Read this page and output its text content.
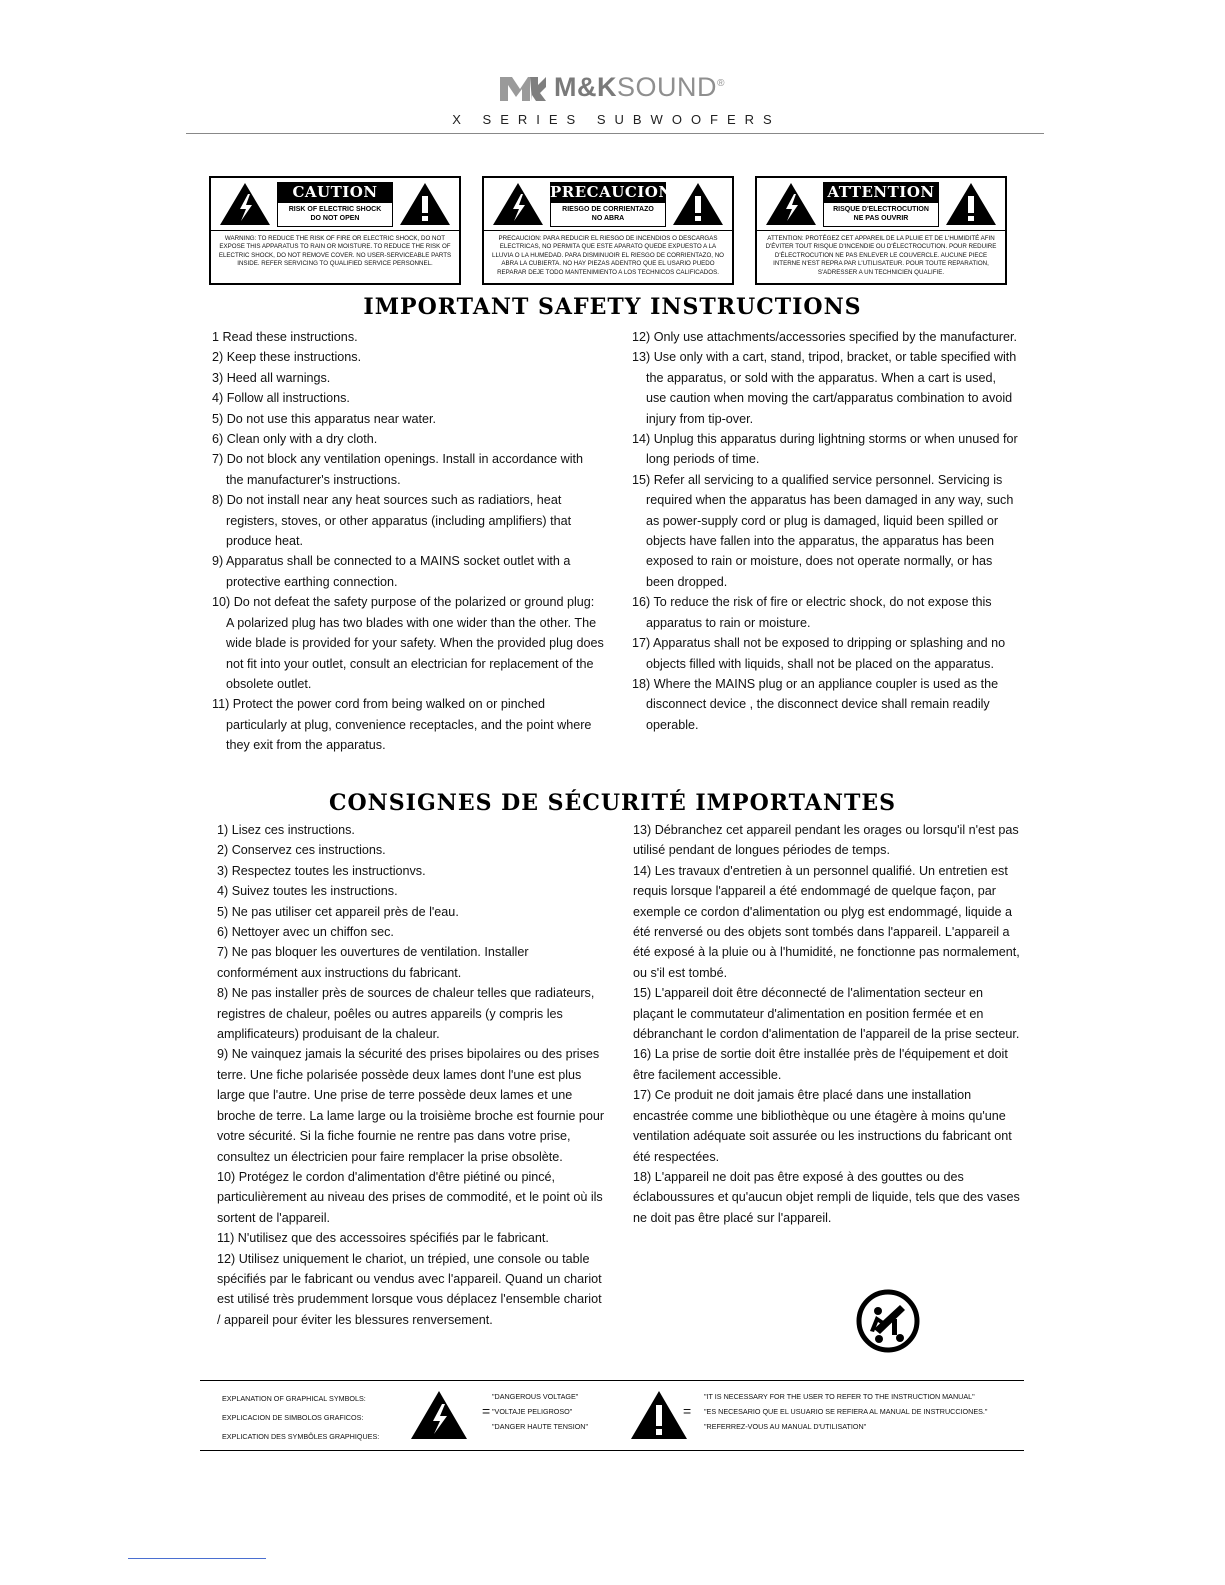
M&KSOUND®
X SERIES SUBWOOFERS
CAUTION
RISK OF ELECTRIC SHOCK
DO NOT OPEN
WARNING: TO REDUCE THE RISK OF FIRE OR ELECTRIC SHOCK, DO NOT EXPOSE THIS APPARATUS TO RAIN OR MOISTURE. TO REDUCE THE RISK OF ELECTRIC SHOCK, DO NOT REMOVE COVER. NO USER-SERVICEABLE PARTS INSIDE. REFER SERVICING TO QUALIFIED SERVICE PERSONNEL.
PRECAUCION
RIESGO DE CORRIENTAZO
NO ABRA
PRECAUCION: PARA REDUCIR EL RIESGO DE INCENDIOS O DESCARGAS ELECTRICAS, NO PERMITA QUE ESTE APARATO QUEDE EXPUESTO A LA LLUVIA O LA HUMEDAD. PARA DISMINUOIR EL RIESGO DE CORRIENTAZO, NO ABRA LA CUBIERTA. NO HAY PIEZAS ADENTRO QUE EL USARIO PUEDO REPARAR DEJE TODO MANTENIMIENTO A LOS TECHNICOS CALIFICADOS.
ATTENTION
RISQUE D'ELECTROCUTION
NE PAS OUVRIR
ATTENTION: PROTÉGEZ CET APPAREIL DE LA PLUIE ET DE L'HUMIDITÉ AFIN D'ÉVITER TOUT RISQUE D'INCENDIE OU D'ÉLECTROCUTION. POUR REDUIRE D'ÉLECTROCUTION NE PAS ENLEVER LE COUVERCLE. AUCUNE PIECE INTERNE N'EST REPRA PAR L'UTILISATEUR. POUR TOUTE REPARATION, S'ADRESSER A UN TECHNICIEN QUALIFIE.
IMPORTANT SAFETY INSTRUCTIONS

1 Read these instructions.

2) Keep these instructions.

3) Heed all warnings.

4) Follow all instructions.

5) Do not use this apparatus near water.

6) Clean only with a dry cloth.

7) Do not block any ventilation openings. Install in accordance with the manufacturer's instructions.

8) Do not install near any heat sources such as radiatiors, heat registers, stoves, or other apparatus (including amplifiers) that produce heat.

9) Apparatus shall be connected to a MAINS socket outlet with a protective earthing connection.

10) Do not defeat the safety purpose of the polarized or ground plug: A polarized plug has two blades with one wider than the other. The wide blade is provided for your safety. When the provided plug does not fit into your outlet, consult an electrician for replacement of the obsolete outlet.

11) Protect the power cord from being walked on or pinched particularly at plug, convenience receptacles, and the point where they exit from the apparatus.

12) Only use attachments/accessories specified by the manufacturer.

13) Use only with a cart, stand, tripod, bracket, or table specified with the apparatus, or sold with the apparatus. When a cart is used, use caution when moving the cart/apparatus combination to avoid injury from tip-over.

14) Unplug this apparatus during lightning storms or when unused for long periods of time.

15) Refer all servicing to a qualified service personnel. Servicing is required when the apparatus has been damaged in any way, such as power-supply cord or plug is damaged, liquid been spilled or objects have fallen into the apparatus, the apparatus has been exposed to rain or moisture, does not operate normally, or has been dropped.

16) To reduce the risk of fire or electric shock, do not expose this apparatus to rain or moisture.

17) Apparatus shall not be exposed to dripping or splashing and no objects filled with liquids, shall not be placed on the apparatus.

18) Where the MAINS plug or an appliance coupler is used as the disconnect device , the disconnect device shall remain readily operable.

CONSIGNES DE SÉCURITÉ IMPORTANTES

1) Lisez ces instructions.

2) Conservez ces instructions.

3) Respectez toutes les instructionvs.

4) Suivez toutes les instructions.

5) Ne pas utiliser cet appareil près de l'eau.

6) Nettoyer avec un chiffon sec.

7) Ne pas bloquer les ouvertures de ventilation. Installer conformément aux instructions du fabricant.

8) Ne pas installer près de sources de chaleur telles que radiateurs, registres de chaleur, poêles ou autres appareils (y compris les amplificateurs) produisant de la chaleur.

9) Ne vainquez jamais la sécurité des prises bipolaires ou des prises terre. Une fiche polarisée possède deux lames dont l'une est plus large que l'autre. Une prise de terre possède deux lames et une broche de terre. La lame large ou la troisième broche est fournie pour votre sécurité. Si la fiche fournie ne rentre pas dans votre prise, consultez un électricien pour faire remplacer la prise obsolète.

10) Protégez le cordon d'alimentation d'être piétiné ou pincé, particulièrement au niveau des prises de commodité, et le point où ils sortent de l'appareil.

11) N'utilisez que des accessoires spécifiés par le fabricant.

12) Utilisez uniquement le chariot, un trépied, une console ou table spécifiés par le fabricant ou vendus avec l'appareil. Quand un chariot est utilisé très prudemment lorsque vous déplacez l'ensemble chariot / appareil pour éviter les blessures renversement.

13) Débranchez cet appareil pendant les orages ou lorsqu'il n'est pas utilisé pendant de longues périodes de temps.

14) Les travaux d'entretien à un personnel qualifié. Un entretien est requis lorsque l'appareil a été endommagé de quelque façon, par exemple ce cordon d'alimentation ou plyg est endommagé, liquide a été renversé ou des objets sont tombés dans l'appareil. L'appareil a été exposé à la pluie ou à l'humidité, ne fonctionne pas normalement, ou s'il est tombé.

15) L'appareil doit être déconnecté de l'alimentation secteur en plaçant le commutateur d'alimentation en position fermée et en débranchant le cordon d'alimentation de l'appareil de la prise secteur.

16) La prise de sortie doit être installée près de l'équipement et doit être facilement accessible.

17) Ce produit ne doit jamais être placé dans une installation encastrée comme une bibliothèque ou une étagère à moins qu'une ventilation adéquate soit assurée ou les instructions du fabricant ont été respectées.

18) L'appareil ne doit pas être exposé à des gouttes ou des éclaboussures et qu'aucun objet rempli de liquide, tels que des vases ne doit pas être placé sur l'appareil.

EXPLANATION OF GRAPHICAL SYMBOLS:
EXPLICACION DE SIMBOLOS GRAFICOS:
EXPLICATION DES SYMBÔLES GRAPHIQUES:
=
"DANGEROUS VOLTAGE"
"VOLTAJE PELIGROSO"
"DANGER HAUTE TENSION"
=
"IT IS NECESSARY FOR THE USER TO REFER TO THE INSTRUCTION MANUAL"
"ES NECESARIO QUE EL USUARIO SE REFIERA AL MANUAL DE INSTRUCCIONES."
"REFERREZ-VOUS AU MANUAL D'UTILISATION"
